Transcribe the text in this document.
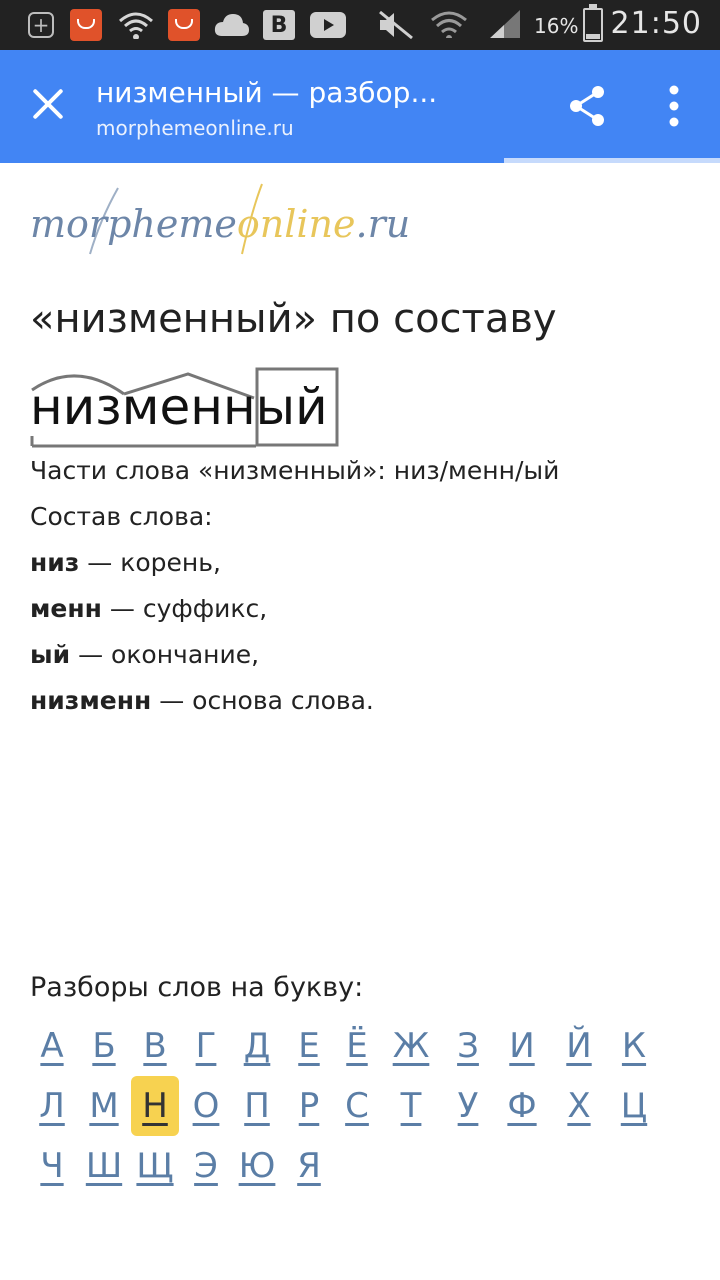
+	B	16% 21:50
низменный — разбор...
morphemeonline.ru
morphemeonline.ru
«низменный» по составу
низменный
Части слова «низменный»: низ/менн/ый
Состав слова:
низ — корень,
менн — суффикс,
ый — окончание,
низменн — основа слова.
Разборы слов на букву:
А Б В Г Д Е Ё Ж З И Й К
Л М Н О П Р С Т	У Ф Х Ц
Ч Ш Щ Э Ю Я
